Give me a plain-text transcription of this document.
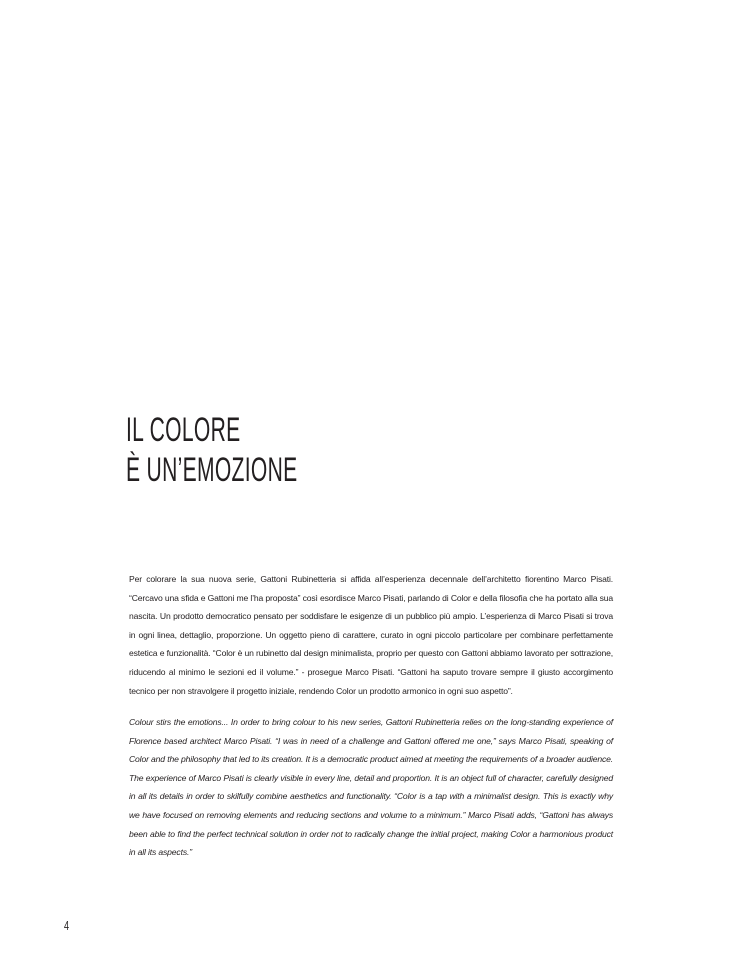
IL COLORE
È UN’EMOZIONE

Per colorare la sua nuova serie, Gattoni Rubinetteria si affida all’esperienza decennale dell’architetto fiorentino Marco Pisati. “Cercavo una sfida e Gattoni me l’ha proposta” così esordisce Marco Pisati, parlando di Color e della filosofia che ha portato alla sua nascita. Un prodotto democratico pensato per soddisfare le esigenze di un pubblico più ampio. L’esperienza di Marco Pisati si trova in ogni linea, dettaglio, proporzione. Un oggetto pieno di carattere, curato in ogni piccolo particolare per combinare perfettamente estetica e funzionalità. “Color è un rubinetto dal design minimalista, proprio per questo con Gattoni abbiamo lavorato per sottrazione, riducendo al minimo le sezioni ed il volume.” - prosegue Marco Pisati. “Gattoni ha saputo trovare sempre il giusto accorgimento tecnico per non stravolgere il progetto iniziale, rendendo Color un prodotto armonico in ogni suo aspetto”.

Colour stirs the emotions... In order to bring colour to his new series, Gattoni Rubinetteria relies on the long-standing experience of Florence based architect Marco Pisati. “I was in need of a challenge and Gattoni offered me one,” says Marco Pisati, speaking of Color and the philosophy that led to its creation. It is a democratic product aimed at meeting the requirements of a broader audience. The experience of Marco Pisati is clearly visible in every line, detail and proportion. It is an object full of character, carefully designed in all its details in order to skilfully combine aesthetics and functionality. “Color is a tap with a minimalist design. This is exactly why we have focused on removing elements and reducing sections and volume to a minimum.” Marco Pisati adds, “Gattoni has always been able to find the perfect technical solution in order not to radically change the initial project, making Color a harmonious product in all its aspects.”

4
